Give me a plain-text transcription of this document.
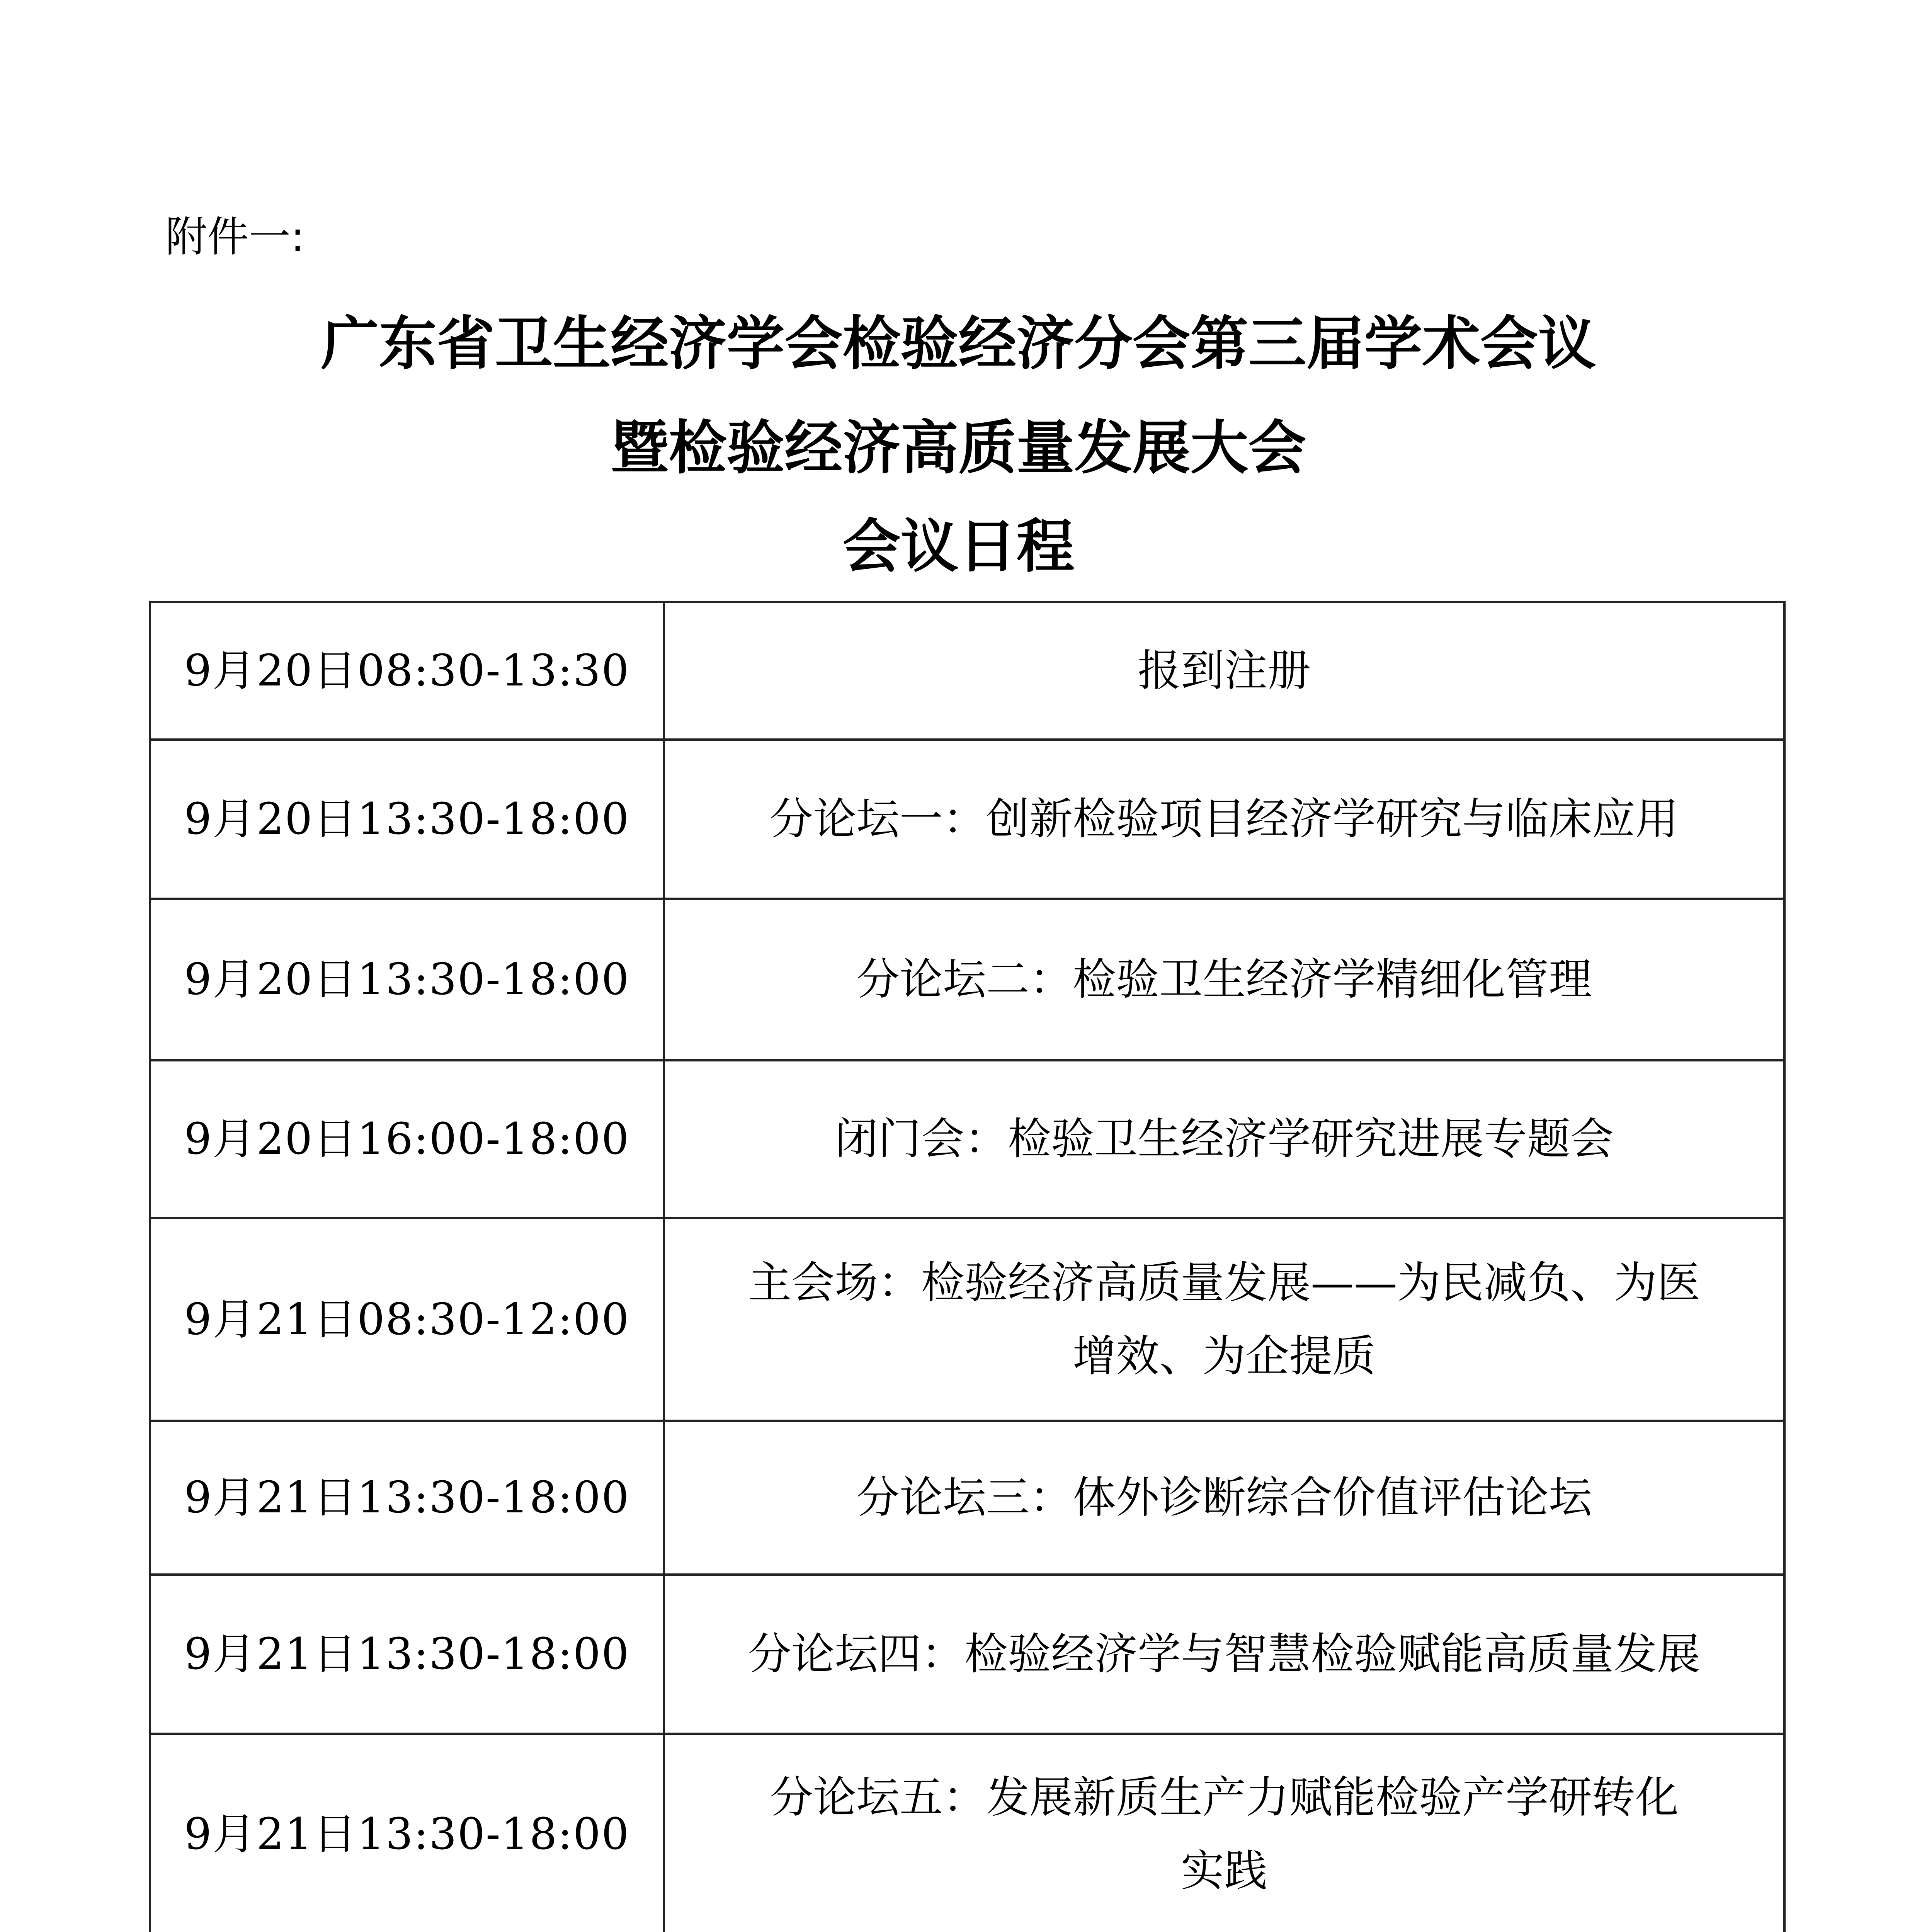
附件一:
广东省卫生经济学会检验经济分会第三届学术会议
暨检验经济高质量发展大会
会议日程
9月20日08:30-13:30	报到注册

9月20日13:30-18:00	分论坛一：创新检验项目经济学研究与临床应用

9月20日13:30-18:00	分论坛二：检验卫生经济学精细化管理

9月20日16:00-18:00	闭门会：检验卫生经济学研究进展专题会

9月21日08:30-12:00	主会场：检验经济高质量发展——为民减负、为医
增效、为企提质

9月21日13:30-18:00	分论坛三：体外诊断综合价值评估论坛

9月21日13:30-18:00	分论坛四：检验经济学与智慧检验赋能高质量发展

9月21日13:30-18:00	分论坛五：发展新质生产力赋能检验产学研转化
实践
